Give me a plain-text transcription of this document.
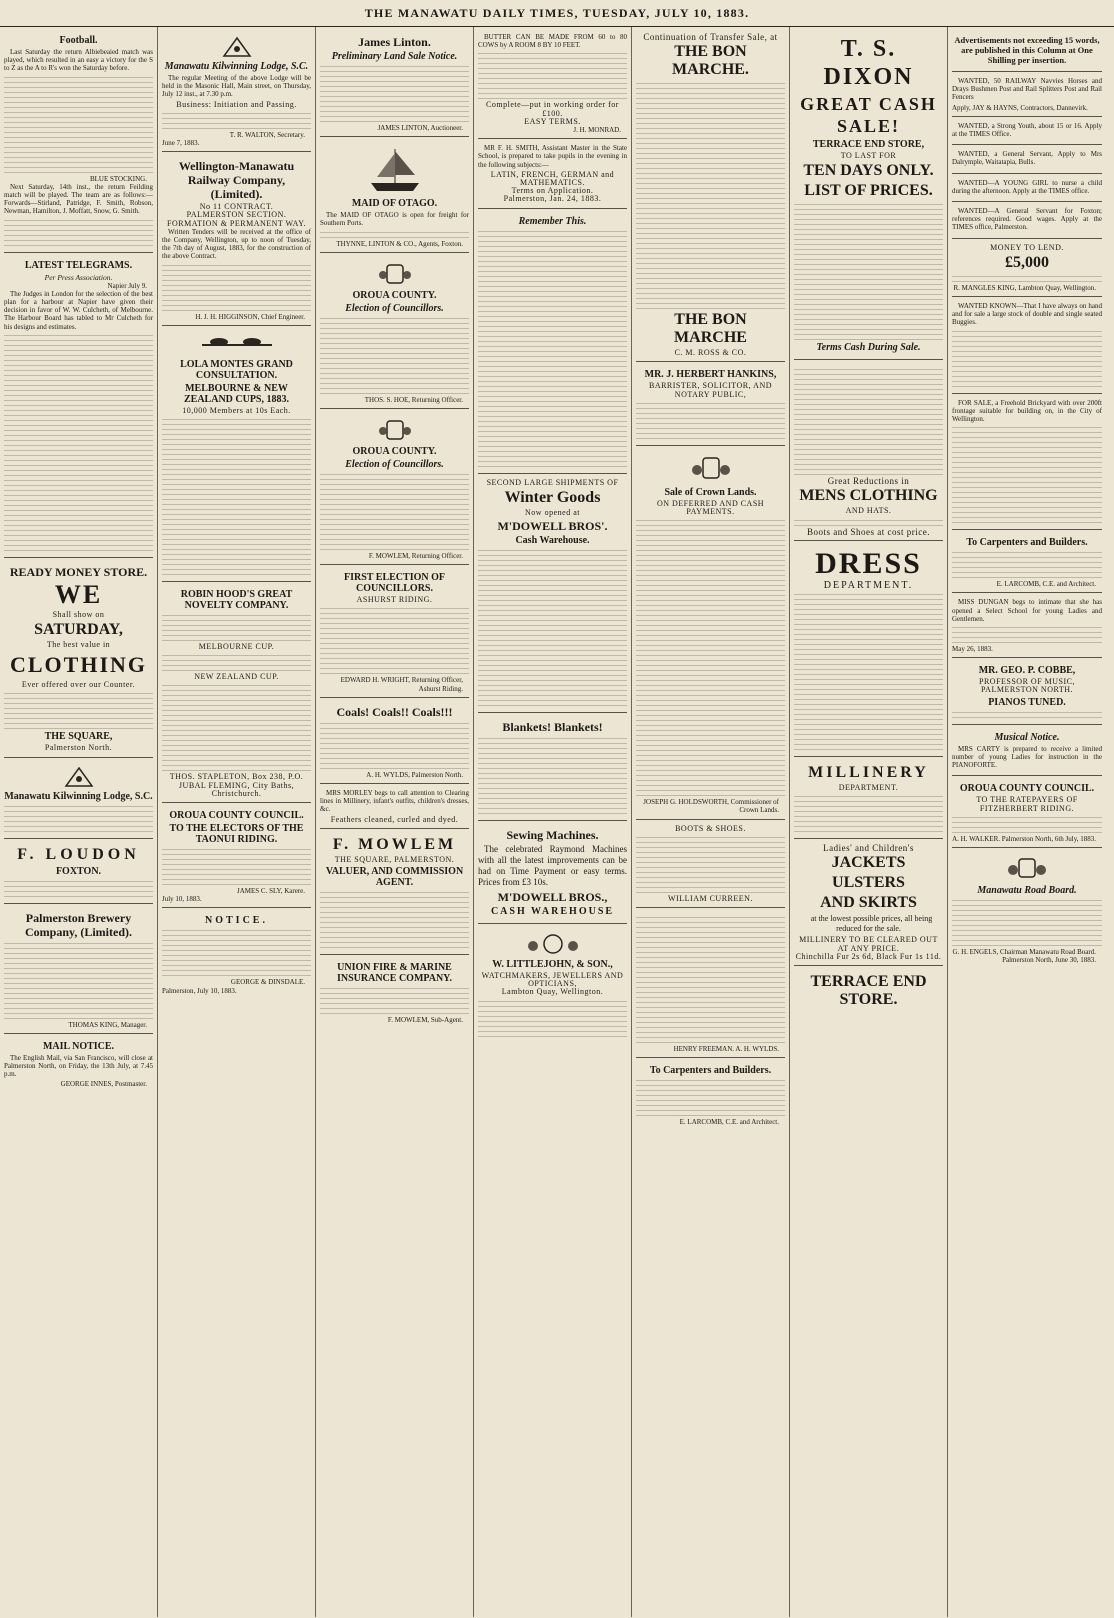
THE MANAWATU DAILY TIMES, TUESDAY, JULY 10, 1883.
Football.

Last Saturday the return Albiebeaied match was played, which resulted in an easy a victory for the S to Z as the A to R's won the Saturday before.

BLUE STOCKING.

Next Saturday, 14th inst., the return Feilding match will be played. The team are as follows:— Forwards—Stirland, Patridge, F. Smith, Robson, Newman, Hamilton, J. Moffatt, Snow, G. Smith.

LATEST TELEGRAMS.
Per Press Association.
Napier July 9.

The Judges in London for the selection of the best plan for a harbour at Napier have given their decision in favor of W. W. Culcheth, of Melbourne. The Harbour Board has tabled to Mr Culcheth for his designs and estimates.

READY MONEY STORE.
WE
Shall show on
SATURDAY,
The best value in
CLOTHING
Ever offered over our Counter.
THE SQUARE,
Palmerston North.
Manawatu Kilwinning Lodge, S.C.
F. LOUDON
FOXTON.
Palmerston Brewery Company, (Limited).
THOMAS KING, Manager.
MAIL NOTICE.

The English Mail, via San Francisco, will close at Palmerston North, on Friday, the 13th July, at 7.45 p.m.

GEORGE INNES, Postmaster.
Manawatu Kilwinning Lodge, S.C.

The regular Meeting of the above Lodge will be held in the Masonic Hall, Main street, on Thursday, July 12 inst., at 7.30 p.m.

Business: Initiation and Passing.
T. R. WALTON, Secretary.
June 7, 1883.
Wellington-Manawatu Railway Company, (Limited).
No 11 CONTRACT.
PALMERSTON SECTION.
FORMATION & PERMANENT WAY.

Written Tenders will be received at the office of the Company, Wellington, up to noon of Tuesday, the 7th day of August, 1883, for the construction of the above Contract.

H. J. H. HIGGINSON, Chief Engineer.
LOLA MONTES GRAND CONSULTATION.
MELBOURNE & NEW ZEALAND CUPS, 1883.
10,000 Members at 10s Each.
ROBIN HOOD'S GREAT NOVELTY COMPANY.
MELBOURNE CUP.
NEW ZEALAND CUP.
THOS. STAPLETON, Box 238, P.O.
JUBAL FLEMING, City Baths, Christchurch.
OROUA COUNTY COUNCIL.
TO THE ELECTORS OF THE TAONUI RIDING.
JAMES C. SLY, Karere.
July 10, 1883.
NOTICE.
GEORGE & DINSDALE.
Palmerston, July 10, 1883.
James Linton.
Preliminary Land Sale Notice.
JAMES LINTON, Auctioneer.
MAID OF OTAGO.

The MAID OF OTAGO is open for freight for Southern Ports.

THYNNE, LINTON & CO., Agents, Foxton.
OROUA COUNTY.
Election of Councillors.
THOS. S. HOE, Returning Officer.
OROUA COUNTY.
Election of Councillors.
F. MOWLEM, Returning Officer.
FIRST ELECTION OF COUNCILLORS.
ASHURST RIDING.
EDWARD H. WRIGHT, Returning Officer, Ashurst Riding.
Coals! Coals!! Coals!!!
A. H. WYLDS, Palmerston North.

MRS MORLEY begs to call attention to Clearing lines in Millinery, infant's outfits, children's dresses, &c.

Feathers cleaned, curled and dyed.
F. MOWLEM
THE SQUARE, PALMERSTON.
VALUER, AND COMMISSION AGENT.
UNION FIRE & MARINE INSURANCE COMPANY.
F. MOWLEM, Sub-Agent.

BUTTER CAN BE MADE FROM 60 to 80 COWS by A ROOM 8 BY 10 FEET.

Complete—put in working order for £100.
EASY TERMS.
J. H. MONRAD.

MR F. H. SMITH, Assistant Master in the State School, is prepared to take pupils in the evening in the following subjects:—

LATIN, FRENCH, GERMAN and MATHEMATICS.
Terms on Application.
Palmerston, Jan. 24, 1883.
Remember This.
SECOND LARGE SHIPMENTS OF
Winter Goods
Now opened at
M'DOWELL BROS'.
Cash Warehouse.
Blankets! Blankets!
Sewing Machines.

The celebrated Raymond Machines with all the latest improvements can be had on Time Payment or easy terms. Prices from £3 10s.

M'DOWELL BROS.,
CASH WAREHOUSE
W. LITTLEJOHN, & SON.,
WATCHMAKERS, JEWELLERS AND OPTICIANS,
Lambton Quay, Wellington.
Continuation of Transfer Sale, at
THE BON MARCHE.
THE BON MARCHE
C. M. ROSS & CO.
MR. J. HERBERT HANKINS,
BARRISTER, SOLICITOR, AND NOTARY PUBLIC,
Sale of Crown Lands.
ON DEFERRED AND CASH PAYMENTS.
JOSEPH G. HOLDSWORTH, Commissioner of Crown Lands.
BOOTS & SHOES.
WILLIAM CURREEN.
HENRY FREEMAN. A. H. WYLDS.
To Carpenters and Builders.
E. LARCOMB, C.E. and Architect.
T. S. DIXON
GREAT CASH SALE!
TERRACE END STORE,
TO LAST FOR
TEN DAYS ONLY.
LIST OF PRICES.
Terms Cash During Sale.
Great Reductions in
MENS CLOTHING
AND HATS.
Boots and Shoes at cost price.
DRESS
DEPARTMENT.
MILLINERY
DEPARTMENT.
Ladies' and Children's
JACKETS
ULSTERS
AND SKIRTS

at the lowest possible prices, all being reduced for the sale.

MILLINERY TO BE CLEARED OUT AT ANY PRICE.
Chinchilla Fur 2s 6d, Black Fur 1s 11d.
TERRACE END STORE.
Advertisements not exceeding 15 words, are published in this Column at One Shilling per insertion.

WANTED, 50 RAILWAY Navvies Horses and Drays Bushmen Post and Rail Splitters Post and Rail Fencers

Apply, JAY & HAYNS, Contractors, Dannevirk.

WANTED, a Strong Youth, about 15 or 16. Apply at the TIMES Office.

WANTED, a General Servant, Apply to Mrs Dalrymple, Waitatapia, Bulls.

WANTED—A YOUNG GIRL to nurse a child during the afternoon. Apply at the TIMES office.

WANTED—A General Servant for Foxton; references required. Good wages. Apply at the TIMES office, Palmerston.

MONEY TO LEND.
£5,000
R. MANGLES KING, Lambton Quay, Wellington.

WANTED KNOWN—That I have always on hand and for sale a large stock of double and single seated Buggies.

FOR SALE, a Freehold Brickyard with over 200ft frontage suitable for building on, in the City of Wellington.

To Carpenters and Builders.
E. LARCOMB, C.E. and Architect.

MISS DUNGAN begs to intimate that she has opened a Select School for young Ladies and Gentlemen.

May 26, 1883.
MR. GEO. P. COBBE,
PROFESSOR OF MUSIC, PALMERSTON NORTH.
PIANOS TUNED.
Musical Notice.

MRS CARTY is prepared to receive a limited number of young Ladies for instruction in the PIANOFORTE.

OROUA COUNTY COUNCIL.
TO THE RATEPAYERS OF FITZHERBERT RIDING.
A. H. WALKER. Palmerston North, 6th July, 1883.
Manawatu Road Board.
G. H. ENGELS, Chairman Manawatu Road Board. Palmerston North, June 30, 1883.
